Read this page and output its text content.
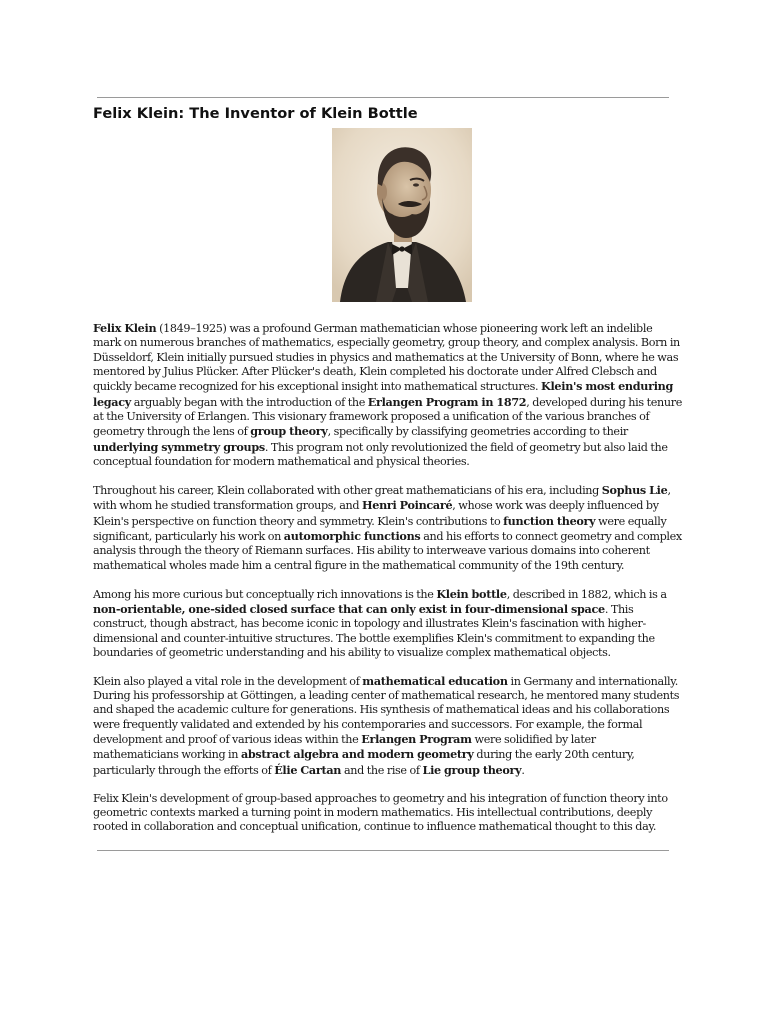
Felix Klein: The Inventor of Klein Bottle

Felix Klein (1849–1925) was a profound German mathematician whose pioneering work left an indelible mark on numerous branches of mathematics, especially geometry, group theory, and complex analysis. Born in Düsseldorf, Klein initially pursued studies in physics and mathematics at the University of Bonn, where he was mentored by Julius Plücker. After Plücker's death, Klein completed his doctorate under Alfred Clebsch and quickly became recognized for his exceptional insight into mathematical structures. Klein's most enduring legacy arguably began with the introduction of the Erlangen Program in 1872, developed during his tenure at the University of Erlangen. This visionary framework proposed a unification of the various branches of geometry through the lens of group theory, specifically by classifying geometries according to their underlying symmetry groups. This program not only revolutionized the field of geometry but also laid the conceptual foundation for modern mathematical and physical theories.

Throughout his career, Klein collaborated with other great mathematicians of his era, including Sophus Lie, with whom he studied transformation groups, and Henri Poincaré, whose work was deeply influenced by Klein's perspective on function theory and symmetry. Klein's contributions to function theory were equally significant, particularly his work on automorphic functions and his efforts to connect geometry and complex analysis through the theory of Riemann surfaces. His ability to interweave various domains into coherent mathematical wholes made him a central figure in the mathematical community of the 19th century.

Among his more curious but conceptually rich innovations is the Klein bottle, described in 1882, which is a non-orientable, one-sided closed surface that can only exist in four-dimensional space. This construct, though abstract, has become iconic in topology and illustrates Klein's fascination with higher-dimensional and counter-intuitive structures. The bottle exemplifies Klein's commitment to expanding the boundaries of geometric understanding and his ability to visualize complex mathematical objects.

Klein also played a vital role in the development of mathematical education in Germany and internationally. During his professorship at Göttingen, a leading center of mathematical research, he mentored many students and shaped the academic culture for generations. His synthesis of mathematical ideas and his collaborations were frequently validated and extended by his contemporaries and successors. For example, the formal development and proof of various ideas within the Erlangen Program were solidified by later mathematicians working in abstract algebra and modern geometry during the early 20th century, particularly through the efforts of Élie Cartan and the rise of Lie group theory.

Felix Klein's development of group-based approaches to geometry and his integration of function theory into geometric contexts marked a turning point in modern mathematics. His intellectual contributions, deeply rooted in collaboration and conceptual unification, continue to influence mathematical thought to this day.
